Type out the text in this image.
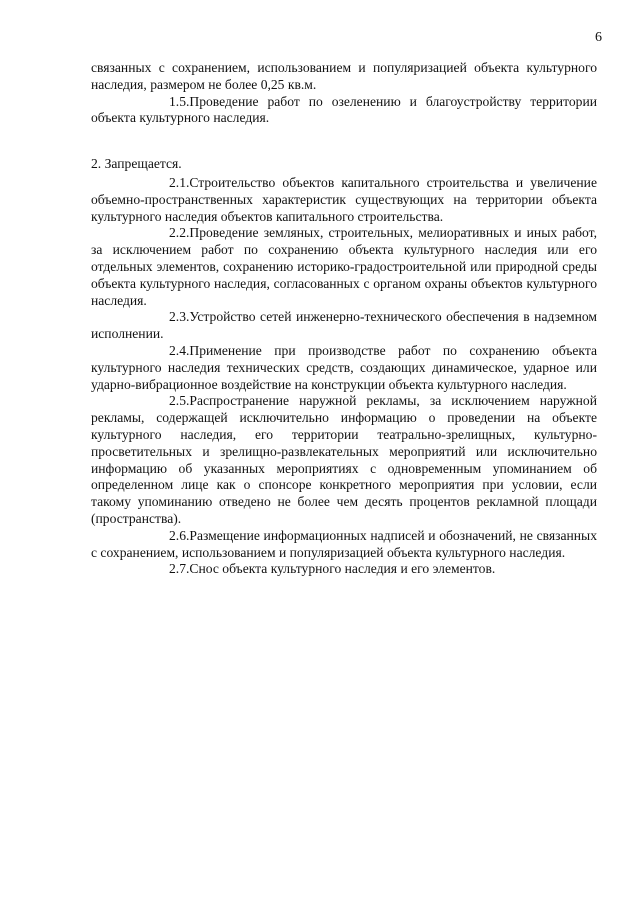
6

связанных с сохранением, использованием и популяризацией объекта культурного наследия, размером не более 0,25 кв.м.

1.5.Проведение работ по озеленению и благоустройству территории объекта культурного наследия.

2. Запрещается.

2.1.Строительство объектов капитального строительства и увеличение объемно-пространственных характеристик существующих на территории объекта культурного наследия объектов капитального строительства.

2.2.Проведение земляных, строительных, мелиоративных и иных работ, за исключением работ по сохранению объекта культурного наследия или его отдельных элементов, сохранению историко-градостроительной или природной среды объекта культурного наследия, согласованных с органом охраны объектов культурного наследия.

2.3.Устройство сетей инженерно-технического обеспечения в надземном исполнении.

2.4.Применение при производстве работ по сохранению объекта культурного наследия технических средств, создающих динамическое, ударное или ударно-вибрационное воздействие на конструкции объекта культурного наследия.

2.5.Распространение наружной рекламы, за исключением наружной рекламы, содержащей исключительно информацию о проведении на объекте культурного наследия, его территории театрально-зрелищных, культурно-просветительных и зрелищно-развлекательных мероприятий или исключительно информацию об указанных мероприятиях с одновременным упоминанием об определенном лице как о спонсоре конкретного мероприятия при условии, если такому упоминанию отведено не более чем десять процентов рекламной площади (пространства).

2.6.Размещение информационных надписей и обозначений, не связанных с сохранением, использованием и популяризацией объекта культурного наследия.

2.7.Снос объекта культурного наследия и его элементов.
